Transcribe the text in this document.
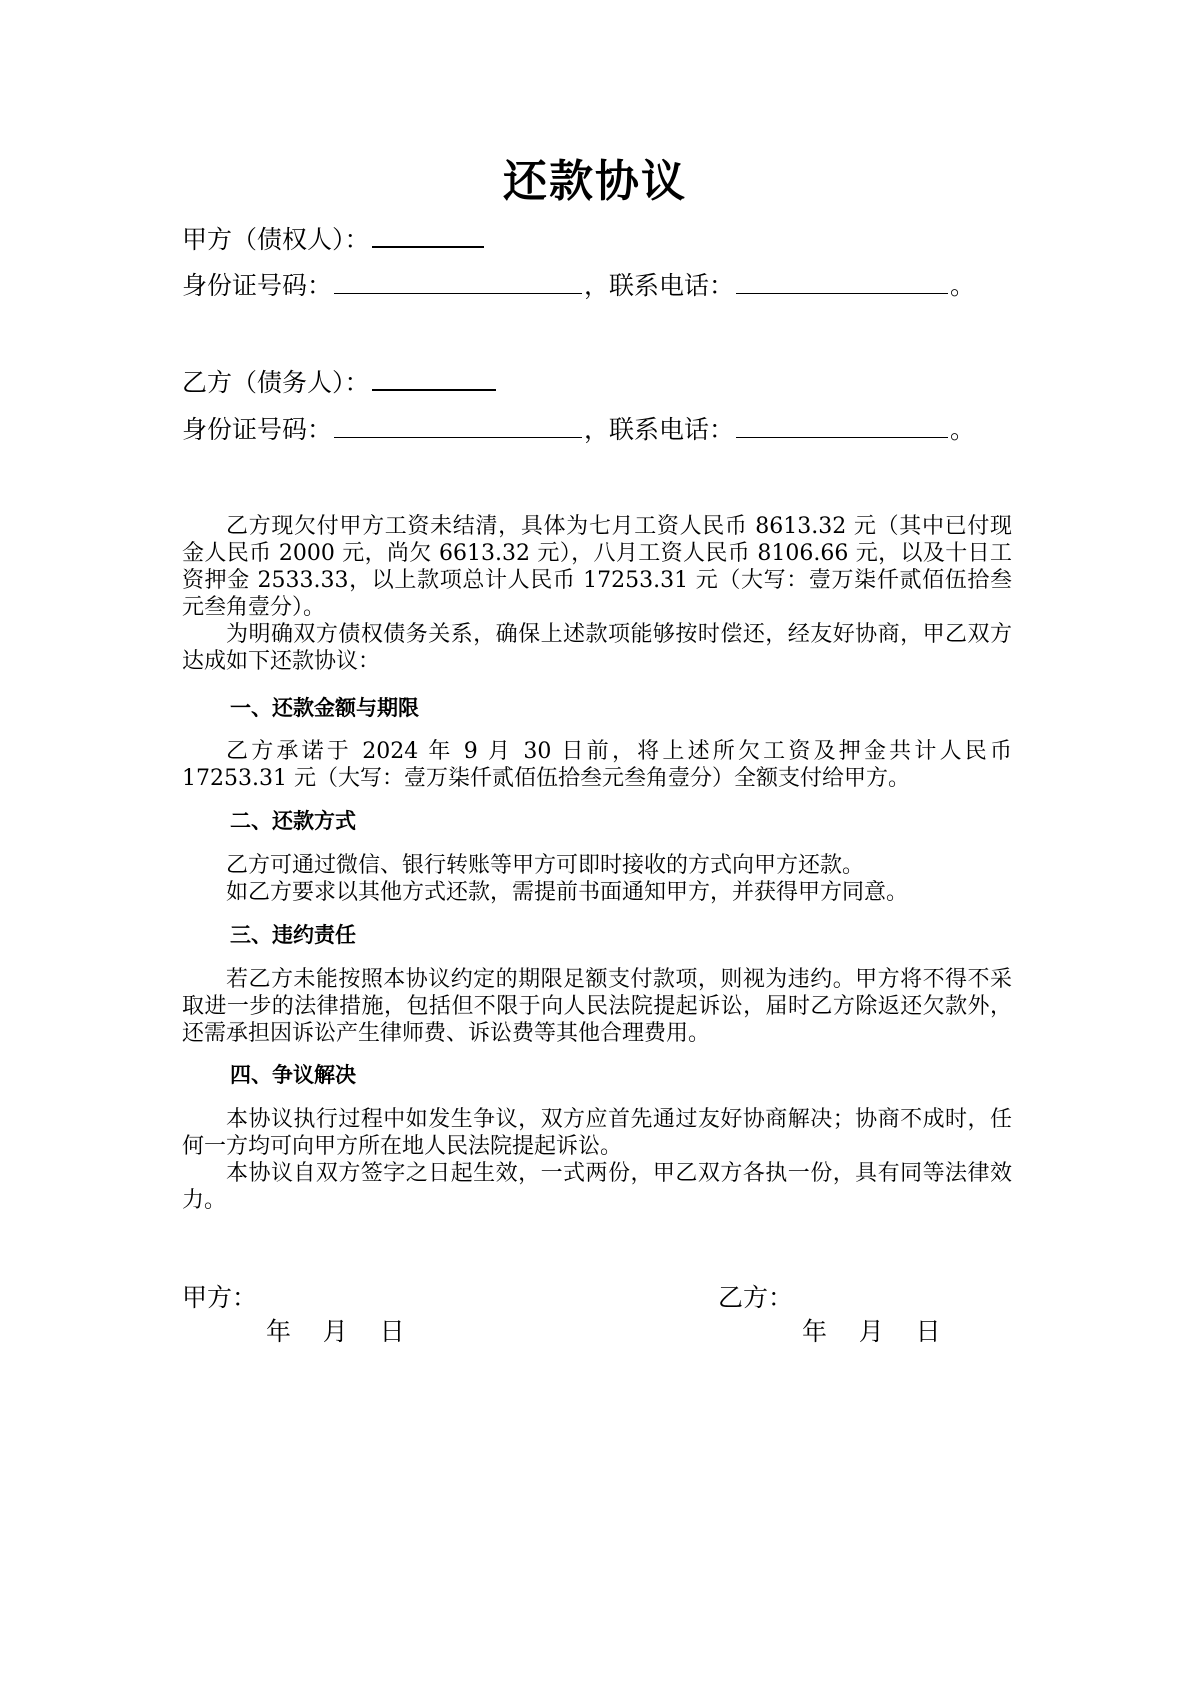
还款协议
甲方（债权人）：
身份证号码：	，联系电话：	。
乙方（债务人）：
身份证号码：	，联系电话：	。

乙方现欠付甲方工资未结清，具体为七月工资人民币 8613.32 元（其中已付现金人民币 2000 元，尚欠 6613.32 元），八月工资人民币 8106.66 元，以及十日工资押金 2533.33，以上款项总计人民币 17253.31 元（大写：壹万柒仟贰佰伍拾叁元叁角壹分）。

为明确双方债权债务关系，确保上述款项能够按时偿还，经友好协商，甲乙双方达成如下还款协议：

一、还款金额与期限

乙方承诺于 2024 年 9 月 30 日前，将上述所欠工资及押金共计人民币 17253.31 元（大写：壹万柒仟贰佰伍拾叁元叁角壹分）全额支付给甲方。

二、还款方式

乙方可通过微信、银行转账等甲方可即时接收的方式向甲方还款。

如乙方要求以其他方式还款，需提前书面通知甲方，并获得甲方同意。

三、违约责任

若乙方未能按照本协议约定的期限足额支付款项，则视为违约。甲方将不得不采取进一步的法律措施，包括但不限于向人民法院提起诉讼，届时乙方除返还欠款外，还需承担因诉讼产生律师费、诉讼费等其他合理费用。

四、争议解决

本协议执行过程中如发生争议，双方应首先通过友好协商解决；协商不成时，任何一方均可向甲方所在地人民法院提起诉讼。

本协议自双方签字之日起生效，一式两份，甲乙双方各执一份，具有同等法律效力。

甲方：	乙方：
年    月    日	年    月    日
